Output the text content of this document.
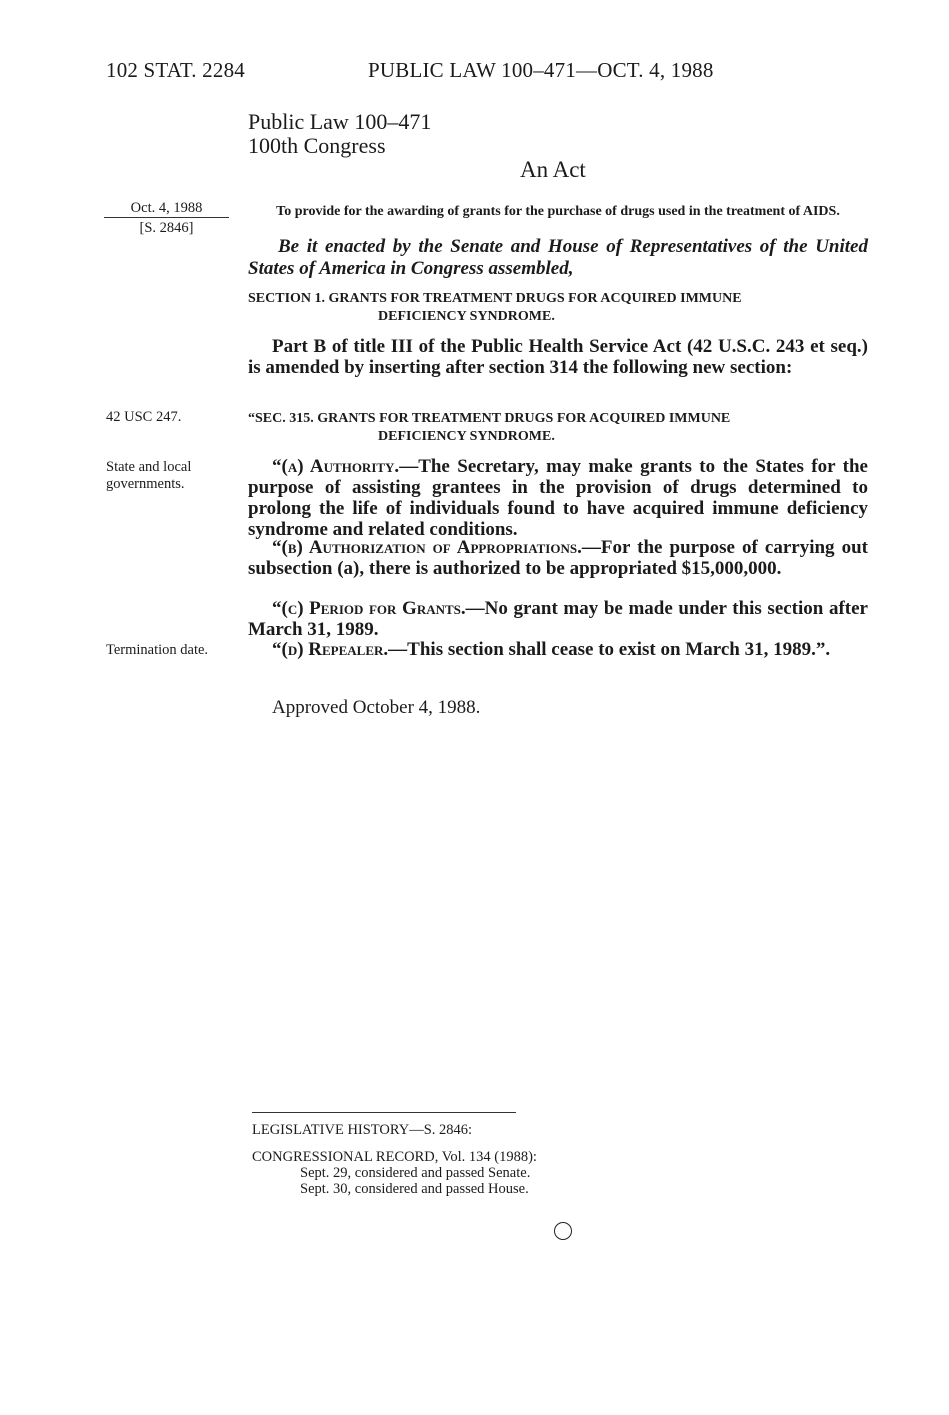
102 STAT. 2284	PUBLIC LAW 100–471—OCT. 4, 1988
Public Law 100–471
100th Congress
An Act
Oct. 4, 1988
[S. 2846]
42 USC 247.
State and local governments.
Termination date.
To provide for the awarding of grants for the purchase of drugs used in the treatment of AIDS.
Be it enacted by the Senate and House of Representatives of the United States of America in Congress assembled,
SECTION 1. GRANTS FOR TREATMENT DRUGS FOR ACQUIRED IMMUNE
DEFICIENCY SYNDROME.
Part B of title III of the Public Health Service Act (42 U.S.C. 243 et seq.) is amended by inserting after section 314 the following new section:
“SEC. 315. GRANTS FOR TREATMENT DRUGS FOR ACQUIRED IMMUNE
DEFICIENCY SYNDROME.
“(a) Authority.—The Secretary, may make grants to the States for the purpose of assisting grantees in the provision of drugs determined to prolong the life of individuals found to have acquired immune deficiency syndrome and related conditions.
“(b) Authorization of Appropriations.—For the purpose of carrying out subsection (a), there is authorized to be appropriated $15,000,000.
“(c) Period for Grants.—No grant may be made under this section after March 31, 1989.
“(d) Repealer.—This section shall cease to exist on March 31, 1989.”.
Approved October 4, 1988.
LEGISLATIVE HISTORY—S. 2846:
CONGRESSIONAL RECORD, Vol. 134 (1988):
Sept. 29, considered and passed Senate.
Sept. 30, considered and passed House.
